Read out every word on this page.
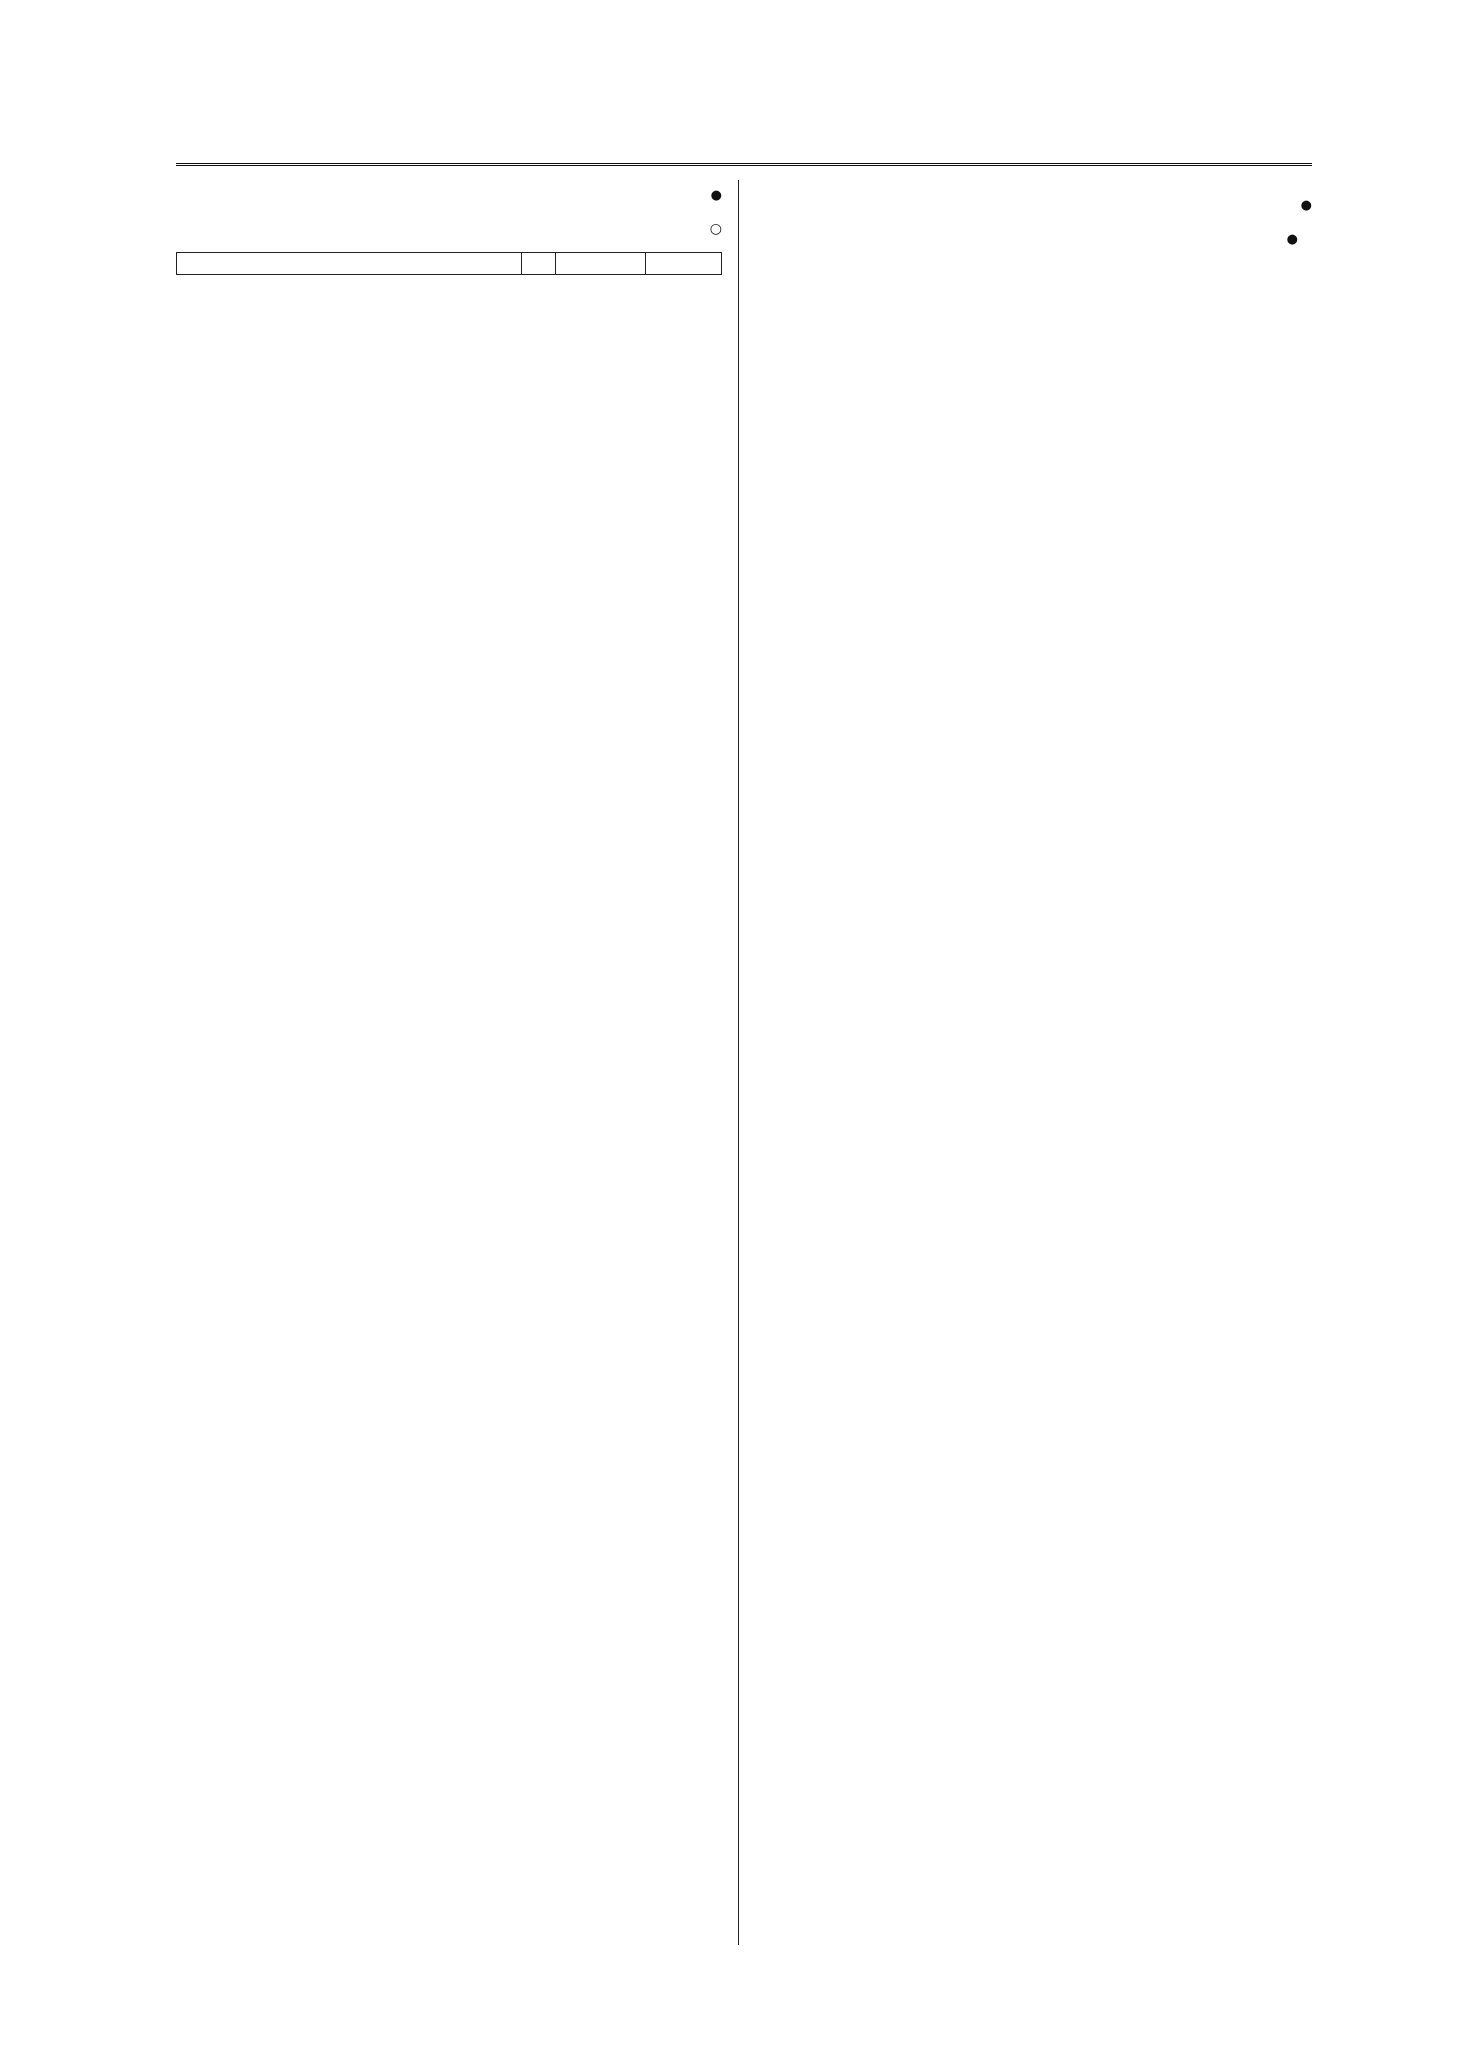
●
●
●
○
